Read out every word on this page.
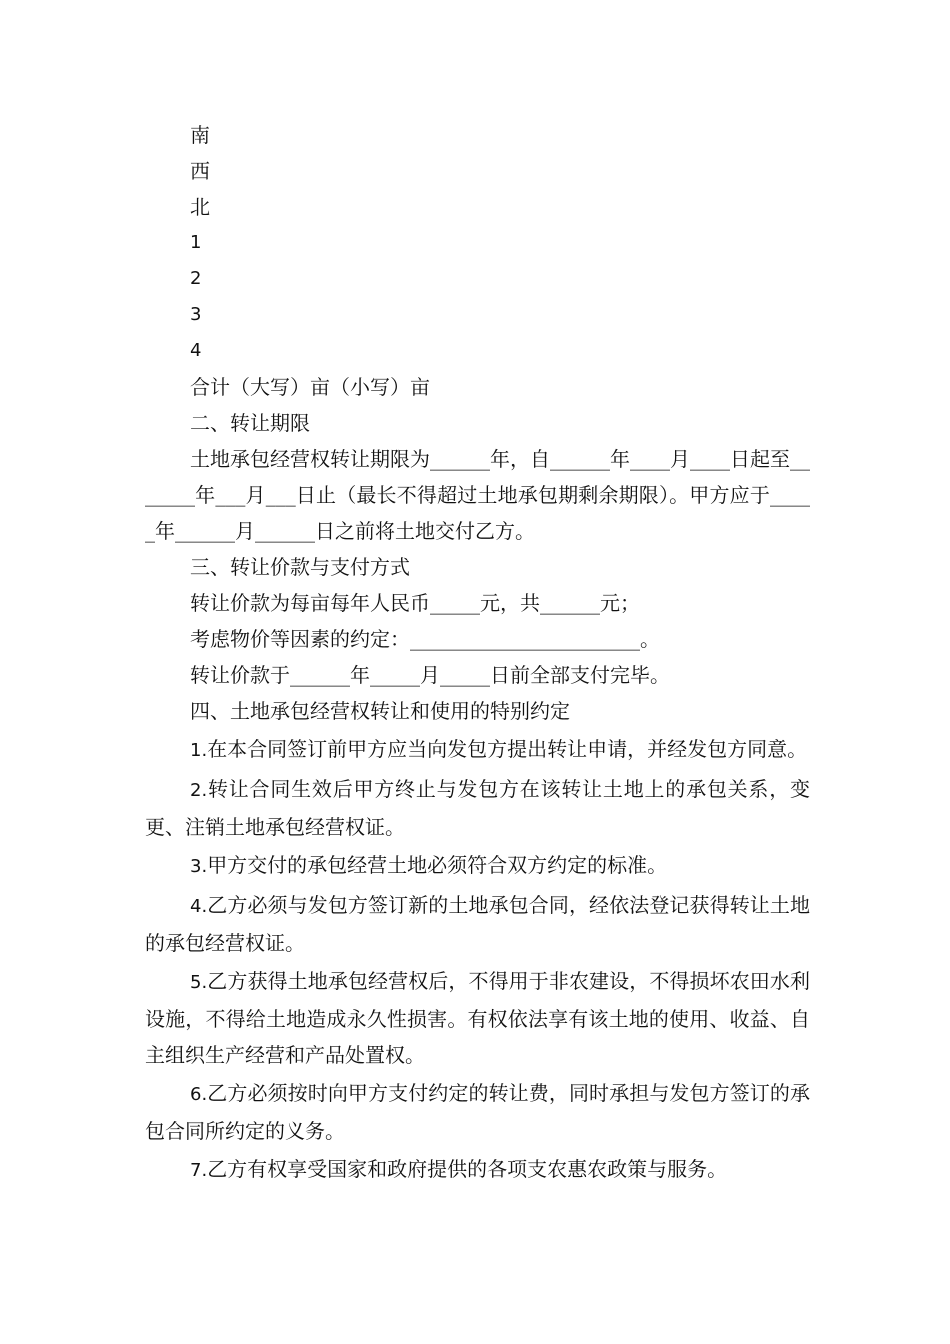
南
西
北
1
2
3
4
合计（大写）亩（小写）亩
二、转让期限

土地承包经营权转让期限为______年，自______年____月____日起至_______年___月___日止（最长不得超过土地承包期剩余期限）。甲方应于_____年______月______日之前将土地交付乙方。

三、转让价款与支付方式

转让价款为每亩每年人民币_____元，共______元；

考虑物价等因素的约定：_______________________。

转让价款于______年_____月_____日前全部支付完毕。

四、土地承包经营权转让和使用的特别约定

1.在本合同签订前甲方应当向发包方提出转让申请，并经发包方同意。

2.转让合同生效后甲方终止与发包方在该转让土地上的承包关系，变更、注销土地承包经营权证。

3.甲方交付的承包经营土地必须符合双方约定的标准。

4.乙方必须与发包方签订新的土地承包合同，经依法登记获得转让土地的承包经营权证。

5.乙方获得土地承包经营权后，不得用于非农建设，不得损坏农田水利设施，不得给土地造成永久性损害。有权依法享有该土地的使用、收益、自主组织生产经营和产品处置权。

6.乙方必须按时向甲方支付约定的转让费，同时承担与发包方签订的承包合同所约定的义务。

7.乙方有权享受国家和政府提供的各项支农惠农政策与服务。
